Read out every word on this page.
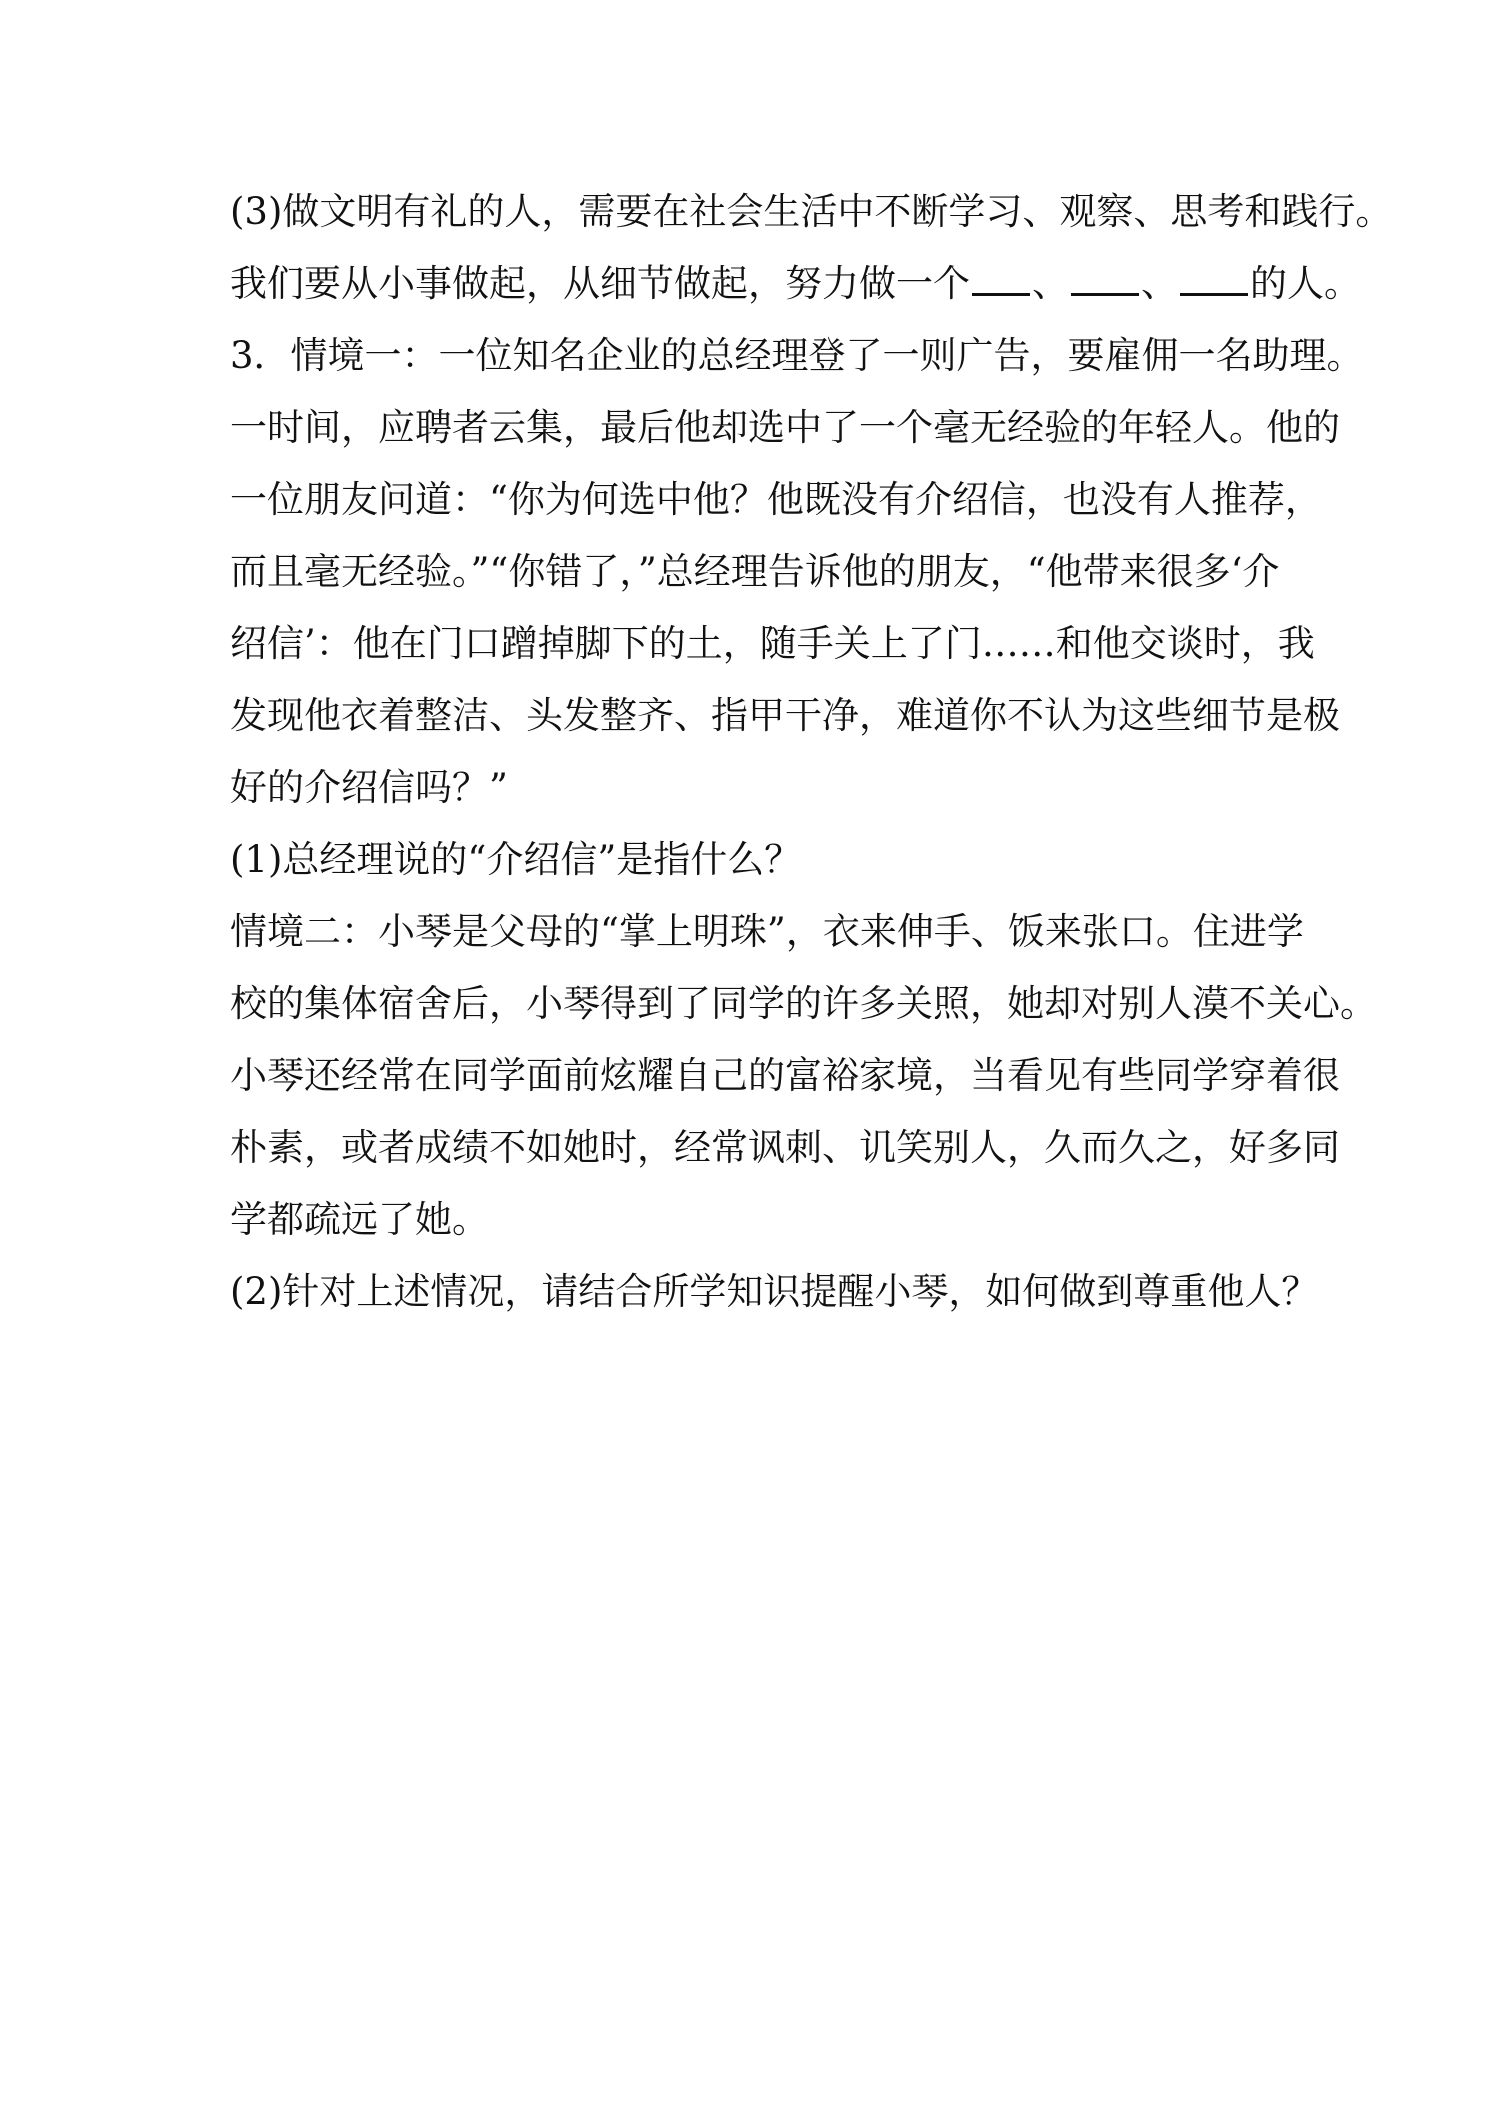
(3)做文明有礼的人，需要在社会生活中不断学习、观察、思考和践行。
我们要从小事做起，从细节做起，努力做一个 、 、 的人。
3．情境一：一位知名企业的总经理登了一则广告，要雇佣一名助理。
一时间，应聘者云集，最后他却选中了一个毫无经验的年轻人。他的
一位朋友问道：“你为何选中他？他既没有介绍信，也没有人推荐，
而且毫无经验。”“你错了，”总经理告诉他的朋友，“他带来很多‘介
绍信’：他在门口蹭掉脚下的土，随手关上了门……和他交谈时，我
发现他衣着整洁、头发整齐、指甲干净，难道你不认为这些细节是极
好的介绍信吗？”
(1)总经理说的“介绍信”是指什么？
情境二：小琴是父母的“掌上明珠”，衣来伸手、饭来张口。住进学
校的集体宿舍后，小琴得到了同学的许多关照，她却对别人漠不关心。
小琴还经常在同学面前炫耀自己的富裕家境，当看见有些同学穿着很
朴素，或者成绩不如她时，经常讽刺、讥笑别人，久而久之，好多同
学都疏远了她。
(2)针对上述情况，请结合所学知识提醒小琴，如何做到尊重他人？
